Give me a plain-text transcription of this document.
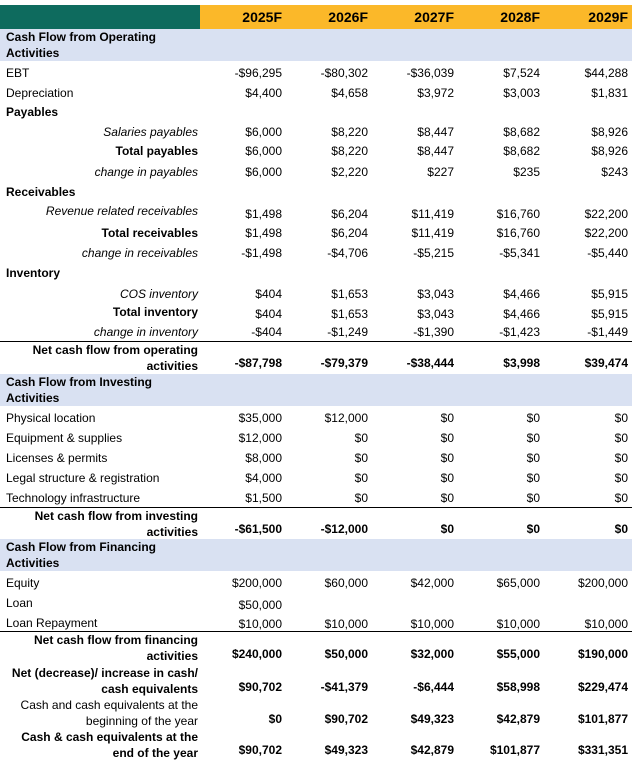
2025F	2026F	2027F	2028F	2029F
Cash Flow from Operating Activities
EBT	-$96,295	-$80,302	-$36,039	$7,524	$44,288
Depreciation	$4,400	$4,658	$3,972	$3,003	$1,831
Payables
Salaries payables	$6,000	$8,220	$8,447	$8,682	$8,926
Total payables	$6,000	$8,220	$8,447	$8,682	$8,926
change in payables	$6,000	$2,220	$227	$235	$243
Receivables
Revenue related receivables	$1,498	$6,204	$11,419	$16,760	$22,200
Total receivables	$1,498	$6,204	$11,419	$16,760	$22,200
change in receivables	-$1,498	-$4,706	-$5,215	-$5,341	-$5,440
Inventory
COS inventory	$404	$1,653	$3,043	$4,466	$5,915
Total inventory	$404	$1,653	$3,043	$4,466	$5,915
change in inventory	-$404	-$1,249	-$1,390	-$1,423	-$1,449
Net cash flow from operating activities	-$87,798	-$79,379	-$38,444	$3,998	$39,474
Cash Flow from Investing Activities
Physical location	$35,000	$12,000	$0	$0	$0
Equipment & supplies	$12,000	$0	$0	$0	$0
Licenses & permits	$8,000	$0	$0	$0	$0
Legal structure & registration	$4,000	$0	$0	$0	$0
Technology infrastructure	$1,500	$0	$0	$0	$0
Net cash flow from investing activities	-$61,500	-$12,000	$0	$0	$0
Cash Flow from Financing Activities
Equity	$200,000	$60,000	$42,000	$65,000	$200,000
Loan	$50,000
Loan Repayment	$10,000	$10,000	$10,000	$10,000	$10,000
Net cash flow from financing activities	$240,000	$50,000	$32,000	$55,000	$190,000
Net (decrease)/ increase in cash/ cash equivalents	$90,702	-$41,379	-$6,444	$58,998	$229,474
Cash and cash equivalents at the beginning of the year	$0	$90,702	$49,323	$42,879	$101,877
Cash & cash equivalents at the end of the year	$90,702	$49,323	$42,879	$101,877	$331,351
